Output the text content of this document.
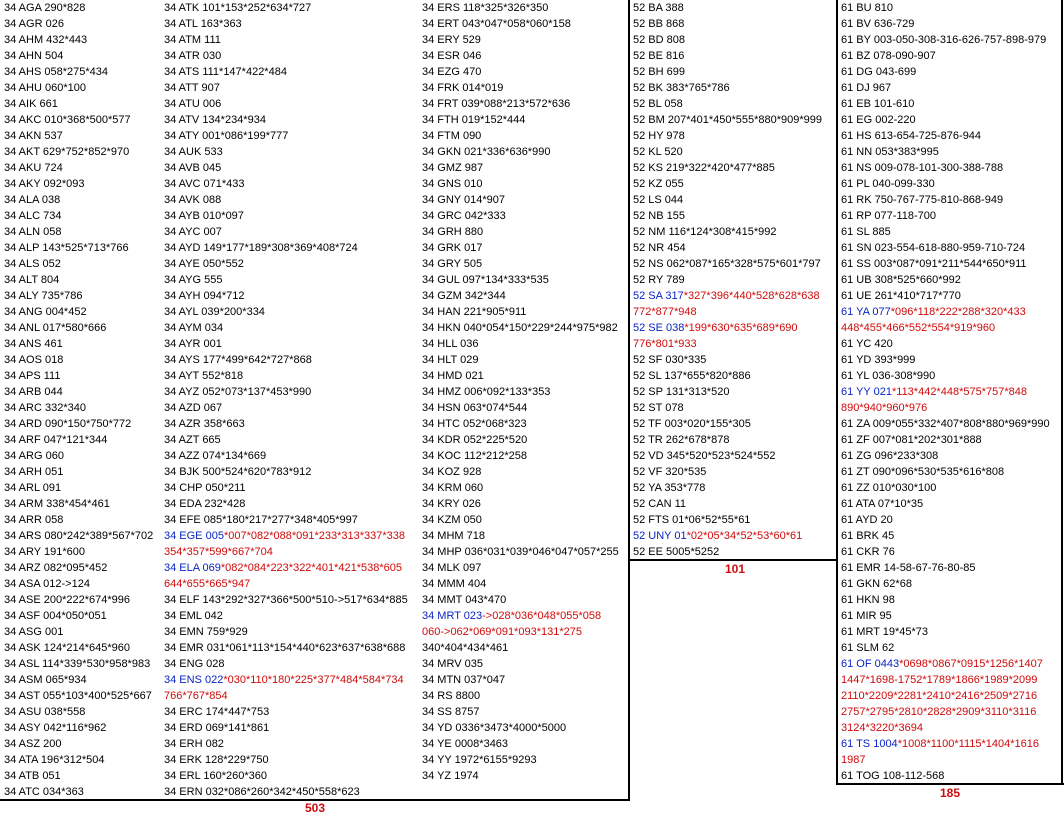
34 AGA 290*828
34 AGR 026
34 AHM 432*443
34 AHN 504
34 AHS 058*275*434
34 AHU 060*100
34 AIK 661
34 AKC 010*368*500*577
34 AKN 537
34 AKT 629*752*852*970
34 AKU 724
34 AKY 092*093
34 ALA 038
34 ALC 734
34 ALN 058
34 ALP 143*525*713*766
34 ALS 052
34 ALT 804
34 ALY 735*786
34 ANG 004*452
34 ANL 017*580*666
34 ANS 461
34 AOS 018
34 APS 111
34 ARB 044
34 ARC 332*340
34 ARD 090*150*750*772
34 ARF 047*121*344
34 ARG 060
34 ARH 051
34 ARL 091
34 ARM 338*454*461
34 ARR 058
34 ARS 080*242*389*567*702
34 ARY 191*600
34 ARZ 082*095*452
34 ASA 012->124
34 ASE 200*222*674*996
34 ASF 004*050*051
34 ASG 001
34 ASK 124*214*645*960
34 ASL 114*339*530*958*983
34 ASM 065*934
34 AST 055*103*400*525*667
34 ASU 038*558
34 ASY 042*116*962
34 ASZ 200
34 ATA 196*312*504
34 ATB 051
34 ATC 034*363
34 ATK 101*153*252*634*727
34 ATL 163*363
34 ATM 111
34 ATR 030
34 ATS 111*147*422*484
34 ATT 907
34 ATU 006
34 ATV 134*234*934
34 ATY 001*086*199*777
34 AUK 533
34 AVB 045
34 AVC 071*433
34 AVK 088
34 AYB 010*097
34 AYC 007
34 AYD 149*177*189*308*369*408*724
34 AYE 050*552
34 AYG 555
34 AYH 094*712
34 AYL 039*200*334
34 AYM 034
34 AYR 001
34 AYS 177*499*642*727*868
34 AYT 552*818
34 AYZ 052*073*137*453*990
34 AZD 067
34 AZR 358*663
34 AZT 665
34 AZZ 074*134*669
34 BJK 500*524*620*783*912
34 CHP 050*211
34 EDA 232*428
34 EFE 085*180*217*277*348*405*997
34 EGE 005*007*082*088*091*233*313*337*338
354*357*599*667*704
34 ELA 069*082*084*223*322*401*421*538*605
644*655*665*947
34 ELF 143*292*327*366*500*510->517*634*885
34 EML 042
34 EMN 759*929
34 EMR 031*061*113*154*440*623*637*638*688
34 ENG 028
34 ENS 022*030*110*180*225*377*484*584*734
766*767*854
34 ERC 174*447*753
34 ERD 069*141*861
34 ERH 082
34 ERK 128*229*750
34 ERL 160*260*360
34 ERN 032*086*260*342*450*558*623
34 ERS 118*325*326*350
34 ERT 043*047*058*060*158
34 ERY 529
34 ESR 046
34 EZG 470
34 FRK 014*019
34 FRT 039*088*213*572*636
34 FTH 019*152*444
34 FTM 090
34 GKN 021*336*636*990
34 GMZ 987
34 GNS 010
34 GNY 014*907
34 GRC 042*333
34 GRH 880
34 GRK 017
34 GRY 505
34 GUL 097*134*333*535
34 GZM 342*344
34 HAN 221*905*911
34 HKN 040*054*150*229*244*975*982
34 HLL 036
34 HLT 029
34 HMD 021
34 HMZ 006*092*133*353
34 HSN 063*074*544
34 HTC 052*068*323
34 KDR 052*225*520
34 KOC 112*212*258
34 KOZ 928
34 KRM 060
34 KRY 026
34 KZM 050
34 MHM 718
34 MHP 036*031*039*046*047*057*255
34 MLK 097
34 MMM 404
34 MMT 043*470
34 MRT 023->028*036*048*055*058
060->062*069*091*093*131*275
340*404*434*461
34 MRV 035
34 MTN 037*047
34 RS 8800
34 SS 8757
34 YD 0336*3473*4000*5000
34 YE 0008*3463
34 YY 1972*6155*9293
34 YZ 1974
52 BA 388
52 BB 868
52 BD 808
52 BE 816
52 BH 699
52 BK 383*765*786
52 BL 058
52 BM 207*401*450*555*880*909*999
52 HY 978
52 KL 520
52 KS 219*322*420*477*885
52 KZ 055
52 LS 044
52 NB 155
52 NM 116*124*308*415*992
52 NR 454
52 NS 062*087*165*328*575*601*797
52 RY 789
52 SA 317*327*396*440*528*628*638
772*877*948
52 SE 038*199*630*635*689*690
776*801*933
52 SF 030*335
52 SL 137*655*820*886
52 SP 131*313*520
52 ST 078
52 TF 003*020*155*305
52 TR 262*678*878
52 VD 345*520*523*524*552
52 VF 320*535
52 YA 353*778
52 CAN 11
52 FTS 01*06*52*55*61
52 UNY 01*02*05*34*52*53*60*61
52 EE 5005*5252
61 BU 810
61 BV 636-729
61 BY 003-050-308-316-626-757-898-979
61 BZ 078-090-907
61 DG 043-699
61 DJ 967
61 EB 101-610
61 EG 002-220
61 HS 613-654-725-876-944
61 NN 053*383*995
61 NS 009-078-101-300-388-788
61 PL 040-099-330
61 RK 750-767-775-810-868-949
61 RP 077-118-700
61 SL 885
61 SN 023-554-618-880-959-710-724
61 SS 003*087*091*211*544*650*911
61 UB 308*525*660*992
61 UE 261*410*717*770
61 YA 077*096*118*222*288*320*433
448*455*466*552*554*919*960
61 YC 420
61 YD 393*999
61 YL 036-308*990
61 YY 021*113*442*448*575*757*848
890*940*960*976
61 ZA 009*055*332*407*808*880*969*990
61 ZF 007*081*202*301*888
61 ZG 096*233*308
61 ZT 090*096*530*535*616*808
61 ZZ 010*030*100
61 ATA 07*10*35
61 AYD 20
61 BRK 45
61 CKR 76
61 EMR 14-58-67-76-80-85
61 GKN 62*68
61 HKN 98
61 MIR 95
61 MRT 19*45*73
61 SLM 62
61 OF 0443*0698*0867*0915*1256*1407
1447*1698-1752*1789*1866*1989*2099
2110*2209*2281*2410*2416*2509*2716
2757*2795*2810*2828*2909*3110*3116
3124*3220*3694
61 TS 1004*1008*1100*1115*1404*1616
1987
61 TOG 108-112-568
503
101
185
